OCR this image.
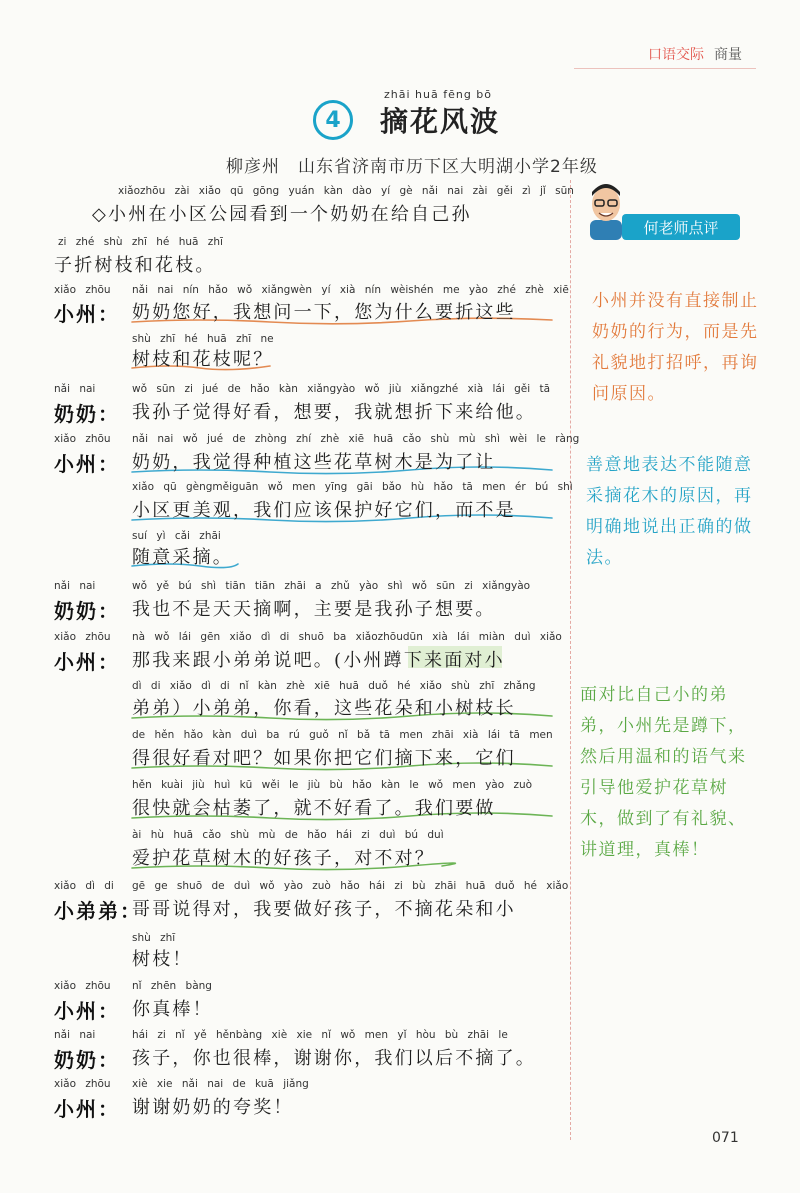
口语交际 商量
4
zhāi huā fēng bō
摘花风波
柳彦州 山东省济南市历下区大明湖小学2年级
何老师点评
xiǎozhōu zài xiǎo qū gōng yuán kàn dào yí gè nǎi nai zài gěi zì jǐ sūn
◇小州在小区公园看到一个奶奶在给自己孙
zi zhé shù zhī hé huā zhī
子折树枝和花枝。
xiǎo zhōu nǎi nai nín hǎo wǒ xiǎngwèn yí xià nín wèishén me yào zhé zhè xiē
小州： 奶奶您好，我想问一下，您为什么要折这些
shù zhī hé huā zhī ne
树枝和花枝呢？
nǎi nai	wǒ sūn zi jué de hǎo kàn xiǎngyào wǒ jiù xiǎngzhé xià lái gěi tā
奶奶： 我孙子觉得好看，想要，我就想折下来给他。
xiǎo zhōu nǎi nai wǒ jué de zhòng zhí zhè xiē huā cǎo shù mù shì wèi le ràng
小州： 奶奶，我觉得种植这些花草树木是为了让
xiǎo qū gèngměiguān wǒ men yīng gāi bǎo hù hǎo tā men ér bú shì
小区更美观，我们应该保护好它们，而不是
suí yì cǎi zhāi
随意采摘。
nǎi nai	wǒ yě bú shì tiān tiān zhāi a zhǔ yào shì wǒ sūn zi xiǎngyào
奶奶： 我也不是天天摘啊，主要是我孙子想要。
xiǎo zhōu nà wǒ lái gēn xiǎo dì di shuō ba xiǎozhōudūn xià lái miàn duì xiǎo
小州： 那我来跟小弟弟说吧。(小州蹲下来面对小
dì di xiǎo dì di nǐ kàn zhè xiē huā duǒ hé xiǎo shù zhī zhǎng
弟弟）小弟弟，你看，这些花朵和小树枝长
de hěn hǎo kàn duì ba rú guǒ nǐ bǎ tā men zhāi xià lái tā men
得很好看对吧？如果你把它们摘下来，它们
hěn kuài jiù huì kū wěi le jiù bù hǎo kàn le wǒ men yào zuò
很快就会枯萎了，就不好看了。我们要做
ài hù huā cǎo shù mù de hǎo hái zi duì bú duì
爱护花草树木的好孩子，对不对？
xiǎo dì di gē ge shuō de duì wǒ yào zuò hǎo hái zi bù zhāi huā duǒ hé xiǎo
小弟弟：
哥哥说得对，我要做好孩子，不摘花朵和小
shù zhī
树枝！
xiǎo zhōu nǐ zhēn bàng
小州： 你真棒！
nǎi nai	hái zi nǐ yě hěnbàng xiè xie nǐ wǒ men yǐ hòu bù zhāi le
奶奶： 孩子，你也很棒，谢谢你，我们以后不摘了。
xiǎo zhōu xiè xie nǎi nai de kuā jiǎng
小州： 谢谢奶奶的夸奖！
小州并没有直接制止奶奶的行为，而是先礼貌地打招呼，再询问原因。
善意地表达不能随意采摘花木的原因，再明确地说出正确的做法。
面对比自己小的弟弟，小州先是蹲下，然后用温和的语气来引导他爱护花草树木，做到了有礼貌、讲道理，真棒！
071
